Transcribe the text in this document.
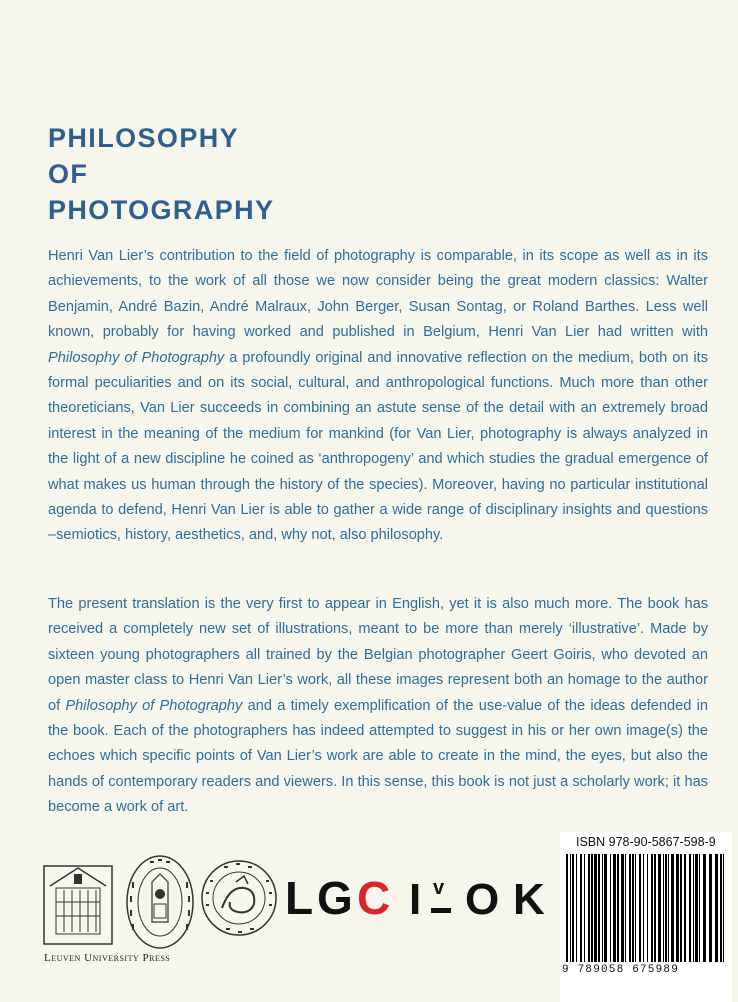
PHILOSOPHY
OF
PHOTOGRAPHY

Henri Van Lier’s contribution to the field of photography is comparable, in its scope as well as in its achievements, to the work of all those we now consider being the great modern classics: Walter Benjamin, André Bazin, André Malraux, John Berger, Susan Sontag, or Roland Barthes. Less well known, probably for having worked and published in Belgium, Henri Van Lier had written with Philosophy of Photography a profoundly original and innovative reflection on the medium, both on its formal peculiarities and on its social, cultural, and anthropological functions. Much more than other theoreticians, Van Lier succeeds in combining an astute sense of the detail with an extremely broad interest in the meaning of the medium for mankind (for Van Lier, photography is always analyzed in the light of a new discipline he coined as ‘anthropogeny’ and which studies the gradual emergence of what makes us human through the history of the species). Moreover, having no particular institutional agenda to defend, Henri Van Lier is able to gather a wide range of disciplinary insights and questions –semiotics, history, aesthetics, and, why not, also philosophy.

The present translation is the very first to appear in English, yet it is also much more. The book has received a completely new set of illustrations, meant to be more than merely ‘illustrative’. Made by sixteen young photographers all trained by the Belgian photographer Geert Goiris, who devoted an open master class to Henri Van Lier’s work, all these images represent both an homage to the author of Philosophy of Photography and a timely exemplification of the use-value of the ideas defended in the book. Each of the photographers has indeed attempted to suggest in his or her own image(s) the echoes which specific points of Van Lier’s work are able to create in the mind, the eyes, but also the hands of contemporary readers and viewers. In this sense, this book is not just a scholarly work; it has become a work of art.

Leuven University Press
L G C I v O K
ISBN 978-90-5867-598-9
9 789058 675989
